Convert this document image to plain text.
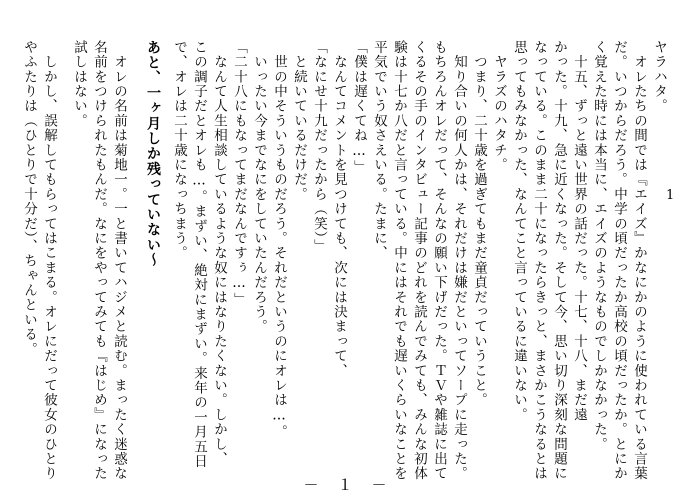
1
ヤラハタ。
　オレたちの間では『エイズ』かなにかのように使われている言葉
だ。いつからだろう。中学の頃だったか高校の頃だったか。とにか
く覚えた時には本当に、エイズのようなものでしかなかった。
　十五、ずっと遠い世界の話だった。十七、十八、まだ遠
かった。十九、急に近くなった。そして今、思い切り深刻な問題に
なっている。このまま二十になったらきっと、まさかこうなるとは
思ってもみなかった、なんてこと言っているに違いない。
　ヤラズのハタチ。
　つまり、二十歳を過ぎてもまだ童貞だっていうこと。
　知り合いの何人かは、それだけは嫌だといってソープに走った。
もちろんオレだって、そんなの願い下げだった。ＴＶや雑誌に出て
くるその手のインタビュー記事のどれを読んでみても、みんな初体
験は十七か八だと言っている。中にはそれでも遅いくらいなことを
平気でいう奴さえいる。たまに、
「僕は遅くてね…」
　なんてコメントを見つけても、次には決まって、
「なにせ十九だったから（笑）」
　と続いているだけだ。
　世の中そういうものだろう。それだというのにオレは…。
　いったい今までなにをしていたんだろう。
「二十八にもなってまだなんですぅ…」
　なんて人生相談しているような奴にはなりたくない。しかし、
この調子だとオレも…。まずい、絶対にまずい。来年の一月五日
で、オレは二十歳になっちまう。
あと、一ヶ月しか残っていない〜
　オレの名前は菊地一。一と書いてハジメと読む。まったく迷惑な
名前をつけられたもんだ。なにをやってみても『はじめ』になった
試しはない。
　しかし、誤解してもらってはこまる。オレにだって彼女のひとり
やふたりは（ひとりで十分だ）、ちゃんといる。
－　１　－
